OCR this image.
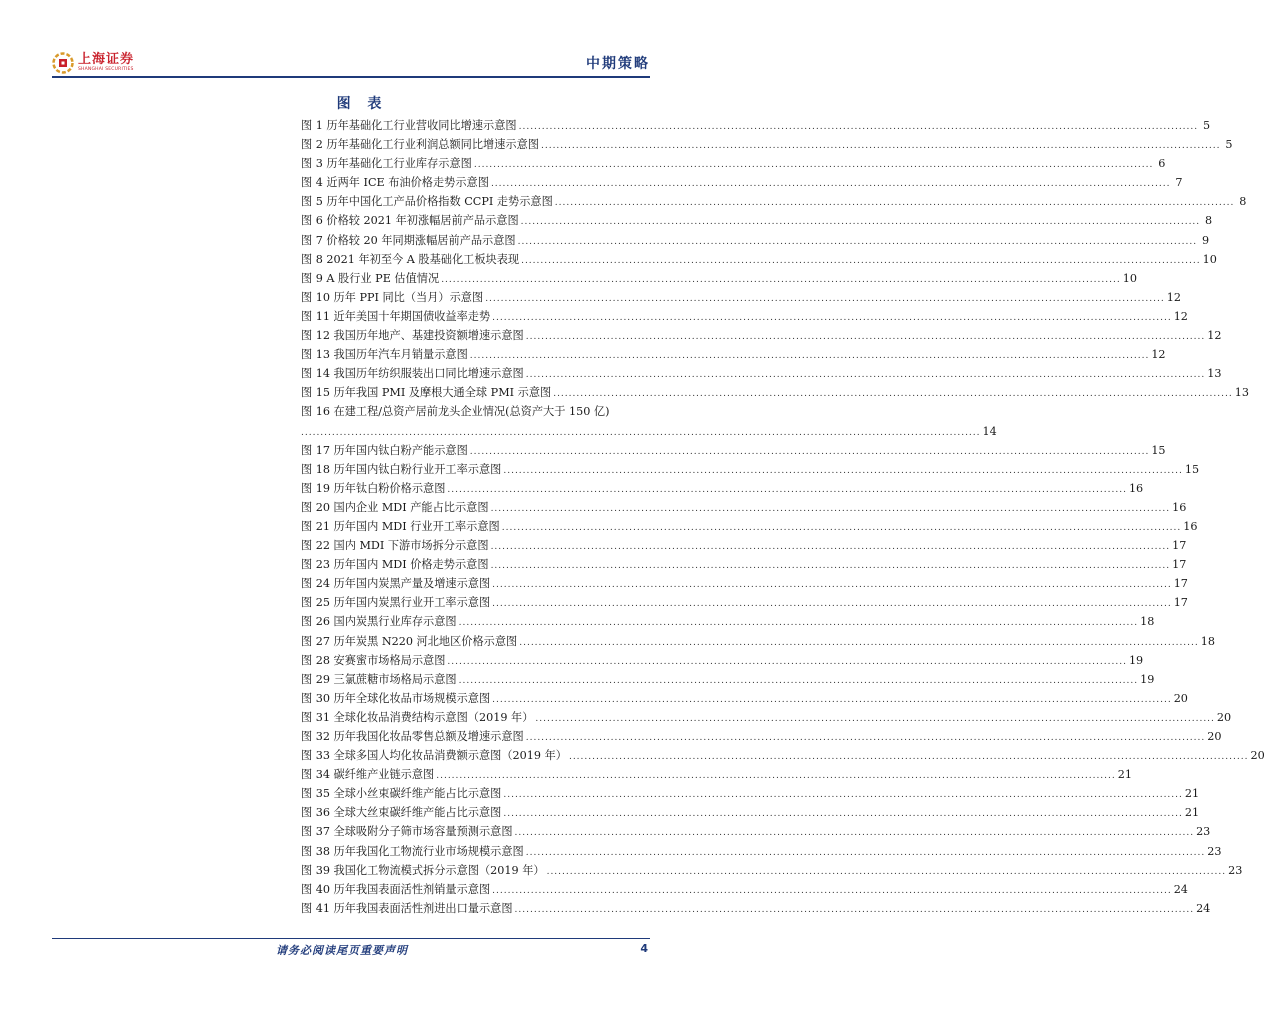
上海证券
SHANGHAI SECURITIES	中期策略
图 表
图 1 历年基础化工行业营收同比增速示意图 ................................................................................................................................................................................ 5
图 2 历年基础化工行业利润总额同比增速示意图 ................................................................................................................................................................................ 5
图 3 历年基础化工行业库存示意图 ................................................................................................................................................................................ 6
图 4 近两年 ICE 布油价格走势示意图 ................................................................................................................................................................................ 7
图 5 历年中国化工产品价格指数 CCPI 走势示意图 ................................................................................................................................................................................ 8
图 6 价格较 2021 年初涨幅居前产品示意图 ................................................................................................................................................................................ 8
图 7 价格较 20 年同期涨幅居前产品示意图 ................................................................................................................................................................................ 9
图 8 2021 年初至今 A 股基础化工板块表现 ................................................................................................................................................................................ 10
图 9 A 股行业 PE 估值情况 ................................................................................................................................................................................ 10
图 10 历年 PPI 同比（当月）示意图 ................................................................................................................................................................................ 12
图 11 近年美国十年期国债收益率走势 ................................................................................................................................................................................ 12
图 12 我国历年地产、基建投资额增速示意图 ................................................................................................................................................................................ 12
图 13 我国历年汽车月销量示意图 ................................................................................................................................................................................ 12
图 14 我国历年纺织服装出口同比增速示意图 ................................................................................................................................................................................ 13
图 15 历年我国 PMI 及摩根大通全球 PMI 示意图 ................................................................................................................................................................................ 13
图 16 在建工程/总资产居前龙头企业情况(总资产大于 150 亿)
................................................................................................................................................................................ 14
图 17 历年国内钛白粉产能示意图 ................................................................................................................................................................................ 15
图 18 历年国内钛白粉行业开工率示意图 ................................................................................................................................................................................ 15
图 19 历年钛白粉价格示意图 ................................................................................................................................................................................ 16
图 20 国内企业 MDI 产能占比示意图 ................................................................................................................................................................................ 16
图 21 历年国内 MDI 行业开工率示意图 ................................................................................................................................................................................ 16
图 22 国内 MDI 下游市场拆分示意图 ................................................................................................................................................................................ 17
图 23 历年国内 MDI 价格走势示意图 ................................................................................................................................................................................ 17
图 24 历年国内炭黑产量及增速示意图 ................................................................................................................................................................................ 17
图 25 历年国内炭黑行业开工率示意图 ................................................................................................................................................................................ 17
图 26 国内炭黑行业库存示意图 ................................................................................................................................................................................ 18
图 27 历年炭黑 N220 河北地区价格示意图 ................................................................................................................................................................................ 18
图 28 安赛蜜市场格局示意图 ................................................................................................................................................................................ 19
图 29 三氯蔗糖市场格局示意图 ................................................................................................................................................................................ 19
图 30 历年全球化妆品市场规模示意图 ................................................................................................................................................................................ 20
图 31 全球化妆品消费结构示意图（2019 年） ................................................................................................................................................................................ 20
图 32 历年我国化妆品零售总额及增速示意图 ................................................................................................................................................................................ 20
图 33 全球多国人均化妆品消费额示意图（2019 年） ................................................................................................................................................................................ 20
图 34 碳纤维产业链示意图 ................................................................................................................................................................................ 21
图 35 全球小丝束碳纤维产能占比示意图 ................................................................................................................................................................................ 21
图 36 全球大丝束碳纤维产能占比示意图 ................................................................................................................................................................................ 21
图 37 全球吸附分子筛市场容量预测示意图 ................................................................................................................................................................................ 23
图 38 历年我国化工物流行业市场规模示意图 ................................................................................................................................................................................ 23
图 39 我国化工物流模式拆分示意图（2019 年） ................................................................................................................................................................................ 23
图 40 历年我国表面活性剂销量示意图 ................................................................................................................................................................................ 24
图 41 历年我国表面活性剂进出口量示意图 ................................................................................................................................................................................ 24
请务必阅读尾页重要声明	4
